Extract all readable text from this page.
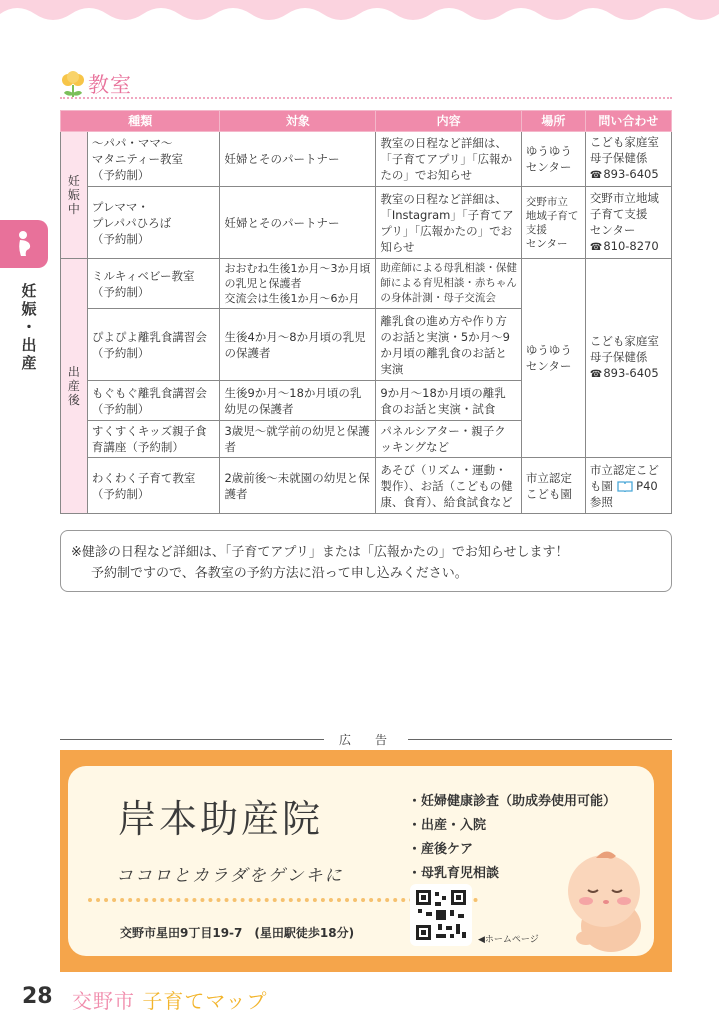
教室
妊
娠
・
出
産
種類		対象	内容	場所	問い合わせ
妊娠中	～パパ・ママ～
マタニティー教室
（予約制）	妊婦とそのパートナー	教室の日程など詳細は、「子育てアプリ」「広報かたの」でお知らせ	ゆうゆう
センター	こども家庭室
母子保健係
☎ 893-6405
	プレママ・
プレパパひろば
（予約制）	妊婦とそのパートナー	教室の日程など詳細は、「Instagram」「子育てアプリ」「広報かたの」でお知らせ	交野市立
地域子育て
支援
センター	交野市立地域
子育て支援
センター
☎ 810-8270
出産後	ミルキィベビー教室
（予約制）	おおむね生後1か月～3か月頃の乳児と保護者
交流会は生後1か月～6か月	助産師による母乳相談・保健師による育児相談・赤ちゃんの身体計測・母子交流会	ゆうゆう
センター	こども家庭室
母子保健係
☎ 893-6405
	ぴよぴよ離乳食講習会
（予約制）	生後4か月～8か月頃の乳児の保護者	離乳食の進め方や作り方のお話と実演・5か月～9か月頃の離乳食のお話と実演		
	もぐもぐ離乳食講習会
（予約制）	生後9か月～18か月頃の乳幼児の保護者	9か月～18か月頃の離乳食のお話と実演・試食		
	すくすくキッズ親子食育講座（予約制）	3歳児～就学前の幼児と保護者	パネルシアター・親子クッキングなど		
	わくわく子育て教室
（予約制）	2歳前後～未就園の幼児と保護者	あそび（リズム・運動・製作）、お話（こどもの健康、食育）、給食試食など	市立認定
こども園	市立認定こども園 P40
参照
※健診の日程など詳細は、「子育てアプリ」または「広報かたの」でお知らせします！
予約制ですので、各教室の予約方法に沿って申し込みください。
広　告
岸本助産院
ココロとカラダをゲンキに
交野市星田9丁目19-7　(星田駅徒歩18分)
・妊婦健康診査（助成券使用可能）
・出産・入院
・産後ケア
・母乳育児相談
◀ホームページ
28 交野市 子育てマップ
